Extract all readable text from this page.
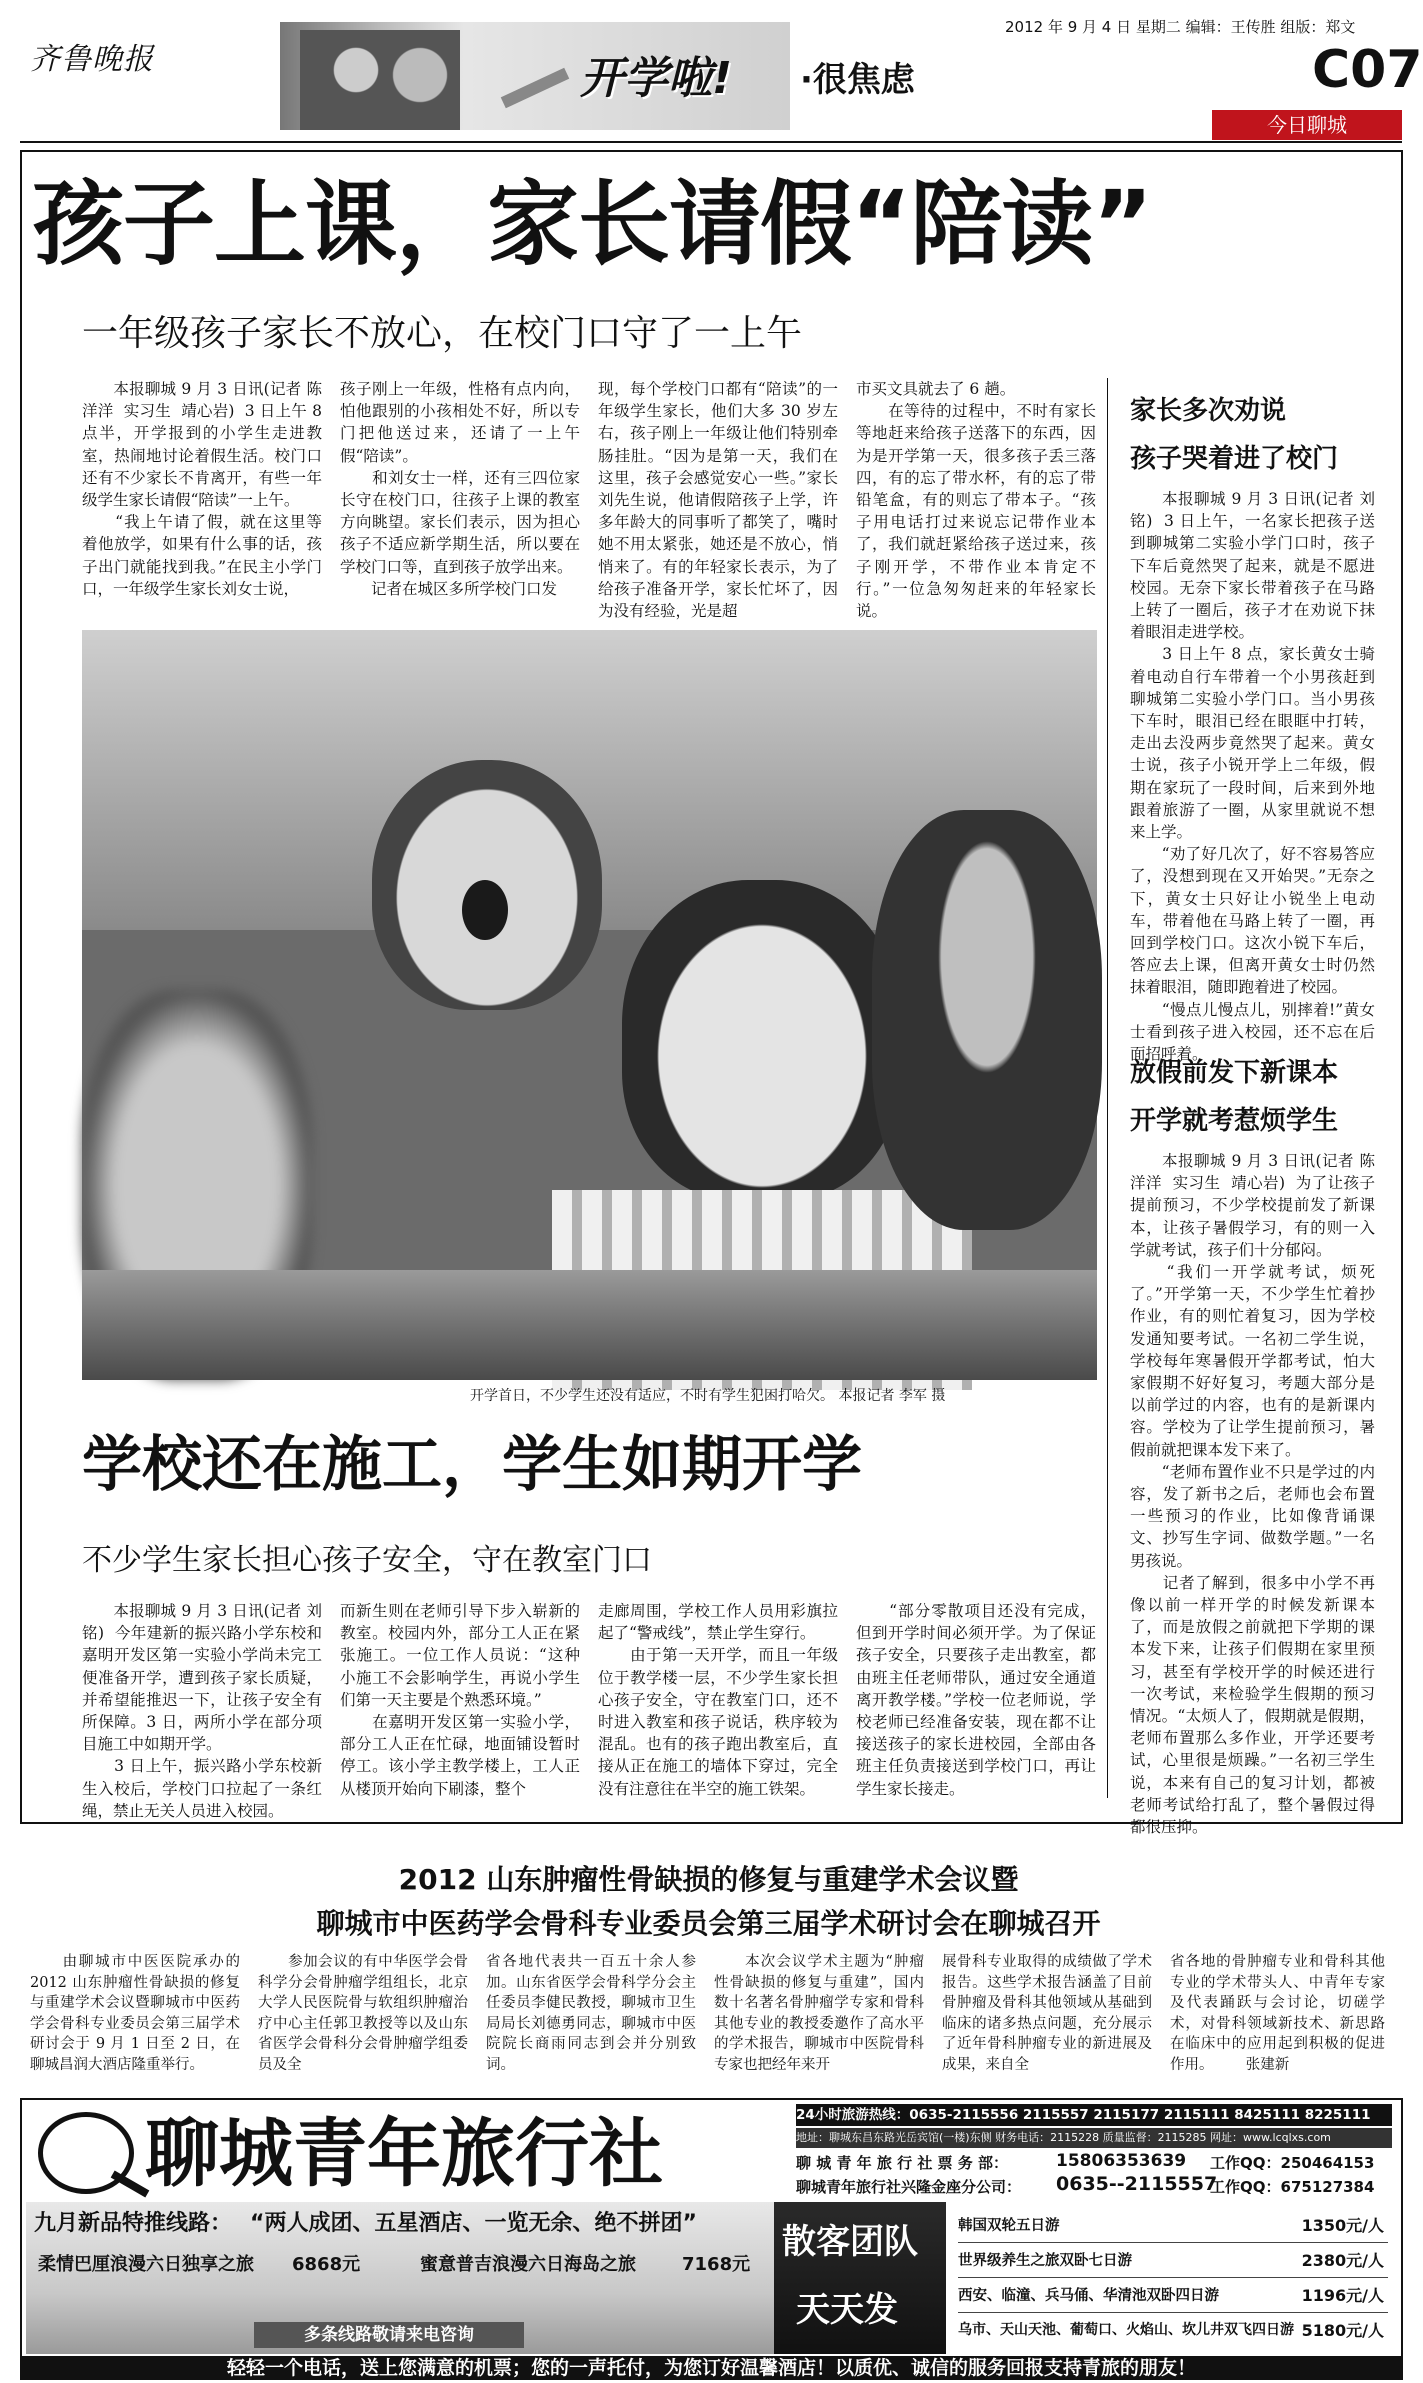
齐鲁晚报	开学啦! ·很焦虑
2012 年 9 月 4 日 星期二 编辑：王传胜 组版：郑文
C07
今日聊城
孩子上课，家长请假“陪读”
一年级孩子家长不放心，在校门口守了一上午
　　本报聊城 9 月 3 日讯(记者 陈洋洋  实习生  靖心岩)  3 日上午 8 点半，开学报到的小学生走进教室，热闹地讨论着假生活。校门口还有不少家长不肯离开，有些一年级学生家长请假“陪读”一上午。
　　“我上午请了假，就在这里等着他放学，如果有什么事的话，孩子出门就能找到我。”在民主小学门口，一年级学生家长刘女士说，
孩子刚上一年级，性格有点内向，怕他跟别的小孩相处不好，所以专门把他送过来，还请了一上午假“陪读”。
　　和刘女士一样，还有三四位家长守在校门口，往孩子上课的教室方向眺望。家长们表示，因为担心孩子不适应新学期生活，所以要在学校门口等，直到孩子放学出来。
　　记者在城区多所学校门口发
现，每个学校门口都有“陪读”的一年级学生家长，他们大多 30 岁左右，孩子刚上一年级让他们特别牵肠挂肚。“因为是第一天，我们在这里，孩子会感觉安心一些。”家长刘先生说，他请假陪孩子上学，许多年龄大的同事听了都笑了，嘴时她不用太紧张，她还是不放心，悄悄来了。有的年轻家长表示，为了给孩子准备开学，家长忙坏了，因为没有经验，光是超
市买文具就去了 6 趟。
　　在等待的过程中，不时有家长等地赶来给孩子送落下的东西，因为是开学第一天，很多孩子丢三落四，有的忘了带水杯，有的忘了带铅笔盒，有的则忘了带本子。“孩子用电话打过来说忘记带作业本了，我们就赶紧给孩子送过来，孩子刚开学，不带作业本肯定不行。”一位急匆匆赶来的年轻家长说。
开学首日，不少学生还没有适应，不时有学生犯困打哈欠。 本报记者 李军 摄
家长多次劝说
孩子哭着进了校门
　　本报聊城 9 月 3 日讯(记者 刘铭)  3 日上午，一名家长把孩子送到聊城第二实验小学门口时，孩子下车后竟然哭了起来，就是不愿进校园。无奈下家长带着孩子在马路上转了一圈后，孩子才在劝说下抹着眼泪走进学校。
　　3 日上午 8 点，家长黄女士骑着电动自行车带着一个小男孩赶到聊城第二实验小学门口。当小男孩下车时，眼泪已经在眼眶中打转，走出去没两步竟然哭了起来。黄女士说，孩子小锐开学上二年级，假期在家玩了一段时间，后来到外地跟着旅游了一圈，从家里就说不想来上学。
　　“劝了好几次了，好不容易答应了，没想到现在又开始哭。”无奈之下，黄女士只好让小锐坐上电动车，带着他在马路上转了一圈，再回到学校门口。这次小锐下车后，答应去上课，但离开黄女士时仍然抹着眼泪，随即跑着进了校园。
　　“慢点儿慢点儿，别摔着!”黄女士看到孩子进入校园，还不忘在后面招呼着。
放假前发下新课本
开学就考惹烦学生
　　本报聊城 9 月 3 日讯(记者 陈洋洋  实习生  靖心岩)  为了让孩子提前预习，不少学校提前发了新课本，让孩子暑假学习，有的则一入学就考试，孩子们十分郁闷。
　　“我们一开学就考试，烦死了。”开学第一天，不少学生忙着抄作业，有的则忙着复习，因为学校发通知要考试。一名初二学生说，学校每年寒暑假开学都考试，怕大家假期不好好复习，考题大部分是以前学过的内容，也有的是新课内容。学校为了让学生提前预习，暑假前就把课本发下来了。
　　“老师布置作业不只是学过的内容，发了新书之后，老师也会布置一些预习的作业，比如像背诵课文、抄写生字词、做数学题。”一名男孩说。
　　记者了解到，很多中小学不再像以前一样开学的时候发新课本了，而是放假之前就把下学期的课本发下来，让孩子们假期在家里预习，甚至有学校开学的时候还进行一次考试，来检验学生假期的预习情况。“太烦人了，假期就是假期，老师布置那么多作业，开学还要考试，心里很是烦躁。”一名初三学生说，本来有自己的复习计划，都被老师考试给打乱了，整个暑假过得都很压抑。
学校还在施工，学生如期开学
不少学生家长担心孩子安全，守在教室门口
　　本报聊城 9 月 3 日讯(记者 刘铭)  今年建新的振兴路小学东校和嘉明开发区第一实验小学尚未完工便准备开学，遭到孩子家长质疑，并希望能推迟一下，让孩子安全有所保障。3 日，两所小学在部分项目施工中如期开学。
　　3 日上午，振兴路小学东校新生入校后，学校门口拉起了一条红绳，禁止无关人员进入校园。
而新生则在老师引导下步入崭新的教室。校园内外，部分工人正在紧张施工。一位工作人员说：“这种小施工不会影响学生，再说小学生们第一天主要是个熟悉环境。”
　　在嘉明开发区第一实验小学，部分工人正在忙碌，地面铺设暂时停工。该小学主教学楼上，工人正从楼顶开始向下刷漆，整个
走廊周围，学校工作人员用彩旗拉起了“警戒线”，禁止学生穿行。
　　由于第一天开学，而且一年级位于教学楼一层，不少学生家长担心孩子安全，守在教室门口，还不时进入教室和孩子说话，秩序较为混乱。也有的孩子跑出教室后，直接从正在施工的墙体下穿过，完全没有注意往在半空的施工铁架。
　　“部分零散项目还没有完成，但到开学时间必须开学。为了保证孩子安全，只要孩子走出教室，都由班主任老师带队，通过安全通道离开教学楼。”学校一位老师说，学校老师已经准备安装，现在都不让接送孩子的家长进校园，全部由各班主任负责接送到学校门口，再让学生家长接走。
2012 山东肿瘤性骨缺损的修复与重建学术会议暨
聊城市中医药学会骨科专业委员会第三届学术研讨会在聊城召开
　　由聊城市中医医院承办的 2012 山东肿瘤性骨缺损的修复与重建学术会议暨聊城市中医药学会骨科专业委员会第三届学术研讨会于 9 月 1 日至 2 日，在聊城昌润大酒店隆重举行。
　　参加会议的有中华医学会骨科学分会骨肿瘤学组组长，北京大学人民医院骨与软组织肿瘤治疗中心主任郭卫教授等以及山东省医学会骨科分会骨肿瘤学组委员及全
省各地代表共一百五十余人参加。山东省医学会骨科学分会主任委员李健民教授，聊城市卫生局局长刘德勇同志，聊城市中医院院长商雨同志到会并分别致词。
　　本次会议学术主题为“肿瘤性骨缺损的修复与重建”，国内数十名著名骨肿瘤学专家和骨科其他专业的教授委邀作了高水平的学术报告，聊城市中医院骨科专家也把经年来开
展骨科专业取得的成绩做了学术报告。这些学术报告涵盖了目前骨肿瘤及骨科其他领域从基础到临床的诸多热点问题，充分展示了近年骨科肿瘤专业的新进展及成果，来自全
省各地的骨肿瘤专业和骨科其他专业的学术带头人、中青年专家及代表踊跃与会讨论，切磋学术，对骨科领域新技术、新思路在临床中的应用起到积极的促进作用。       张建新
聊城青年旅行社	24小时旅游热线：0635-2115556 2115557 2115177 2115111 8425111 8225111
地址：聊城东昌东路光岳宾馆(一楼)东侧 财务电话：2115228 质量监督：2115285 网址：www.lcqlxs.com
聊 城 青 年 旅 行 社 票 务 部：	15806353639 工作QQ：250464153
聊城青年旅行社兴隆金座分公司： 0635--2115557
工作QQ：675127384
九月新品特推线路： “两人成团、五星酒店、一览无余、绝不拼团”
柔情巴厘浪漫六日独享之旅 6868元	蜜意普吉浪漫六日海岛之旅	7168元
多条线路敬请来电咨询
散客团队
天天发
韩国双轮五日游	1350元/人
世界级养生之旅双卧七日游	2380元/人
西安、临潼、兵马俑、华清池双卧四日游	1196元/人
乌市、天山天池、葡萄口、火焰山、坎儿井双飞四日游 5180元/人
轻轻一个电话，送上您满意的机票；您的一声托付，为您订好温馨酒店！以质优、诚信的服务回报支持青旅的朋友！
